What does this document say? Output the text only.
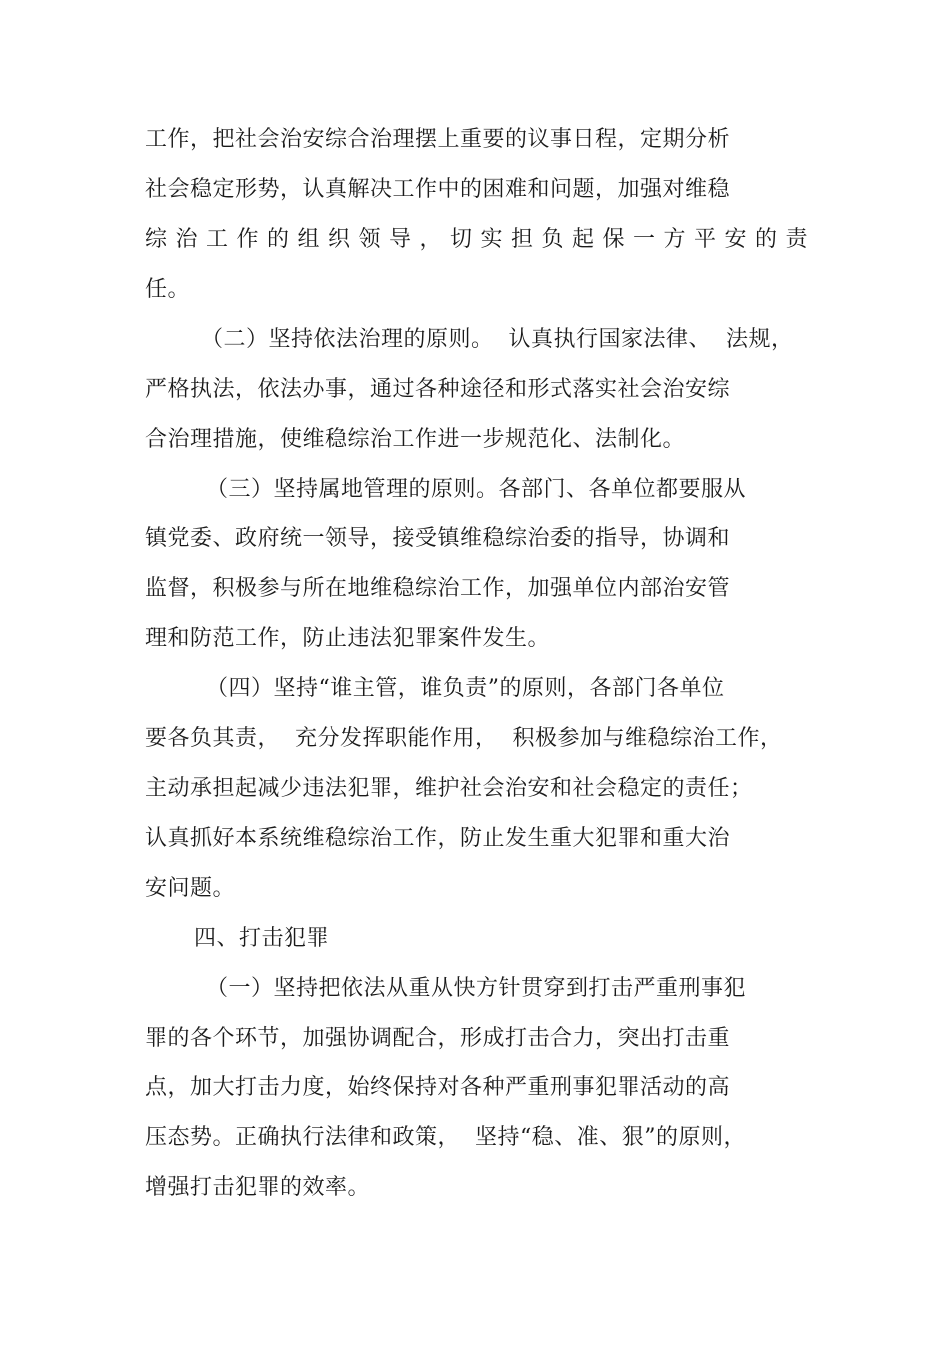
工作，把社会治安综合治理摆上重要的议事日程，定期分析
社会稳定形势，认真解决工作中的困难和问题，加强对维稳
综治工作的组织领导，切实担负起保一方平安的责
任。
（二）坚持依法治理的原则。  认真执行国家法律、  法规，
严格执法，依法办事，通过各种途径和形式落实社会治安综
合治理措施，使维稳综治工作进一步规范化、法制化。
（三）坚持属地管理的原则。各部门、各单位都要服从
镇党委、政府统一领导，接受镇维稳综治委的指导，协调和
监督，积极参与所在地维稳综治工作，加强单位内部治安管
理和防范工作，防止违法犯罪案件发生。
（四）坚持“谁主管，谁负责”的原则，各部门各单位
要各负其责，  充分发挥职能作用，  积极参加与维稳综治工作，
主动承担起减少违法犯罪，维护社会治安和社会稳定的责任；
认真抓好本系统维稳综治工作，防止发生重大犯罪和重大治
安问题。
四、打击犯罪
（一）坚持把依法从重从快方针贯穿到打击严重刑事犯
罪的各个环节，加强协调配合，形成打击合力，突出打击重
点，加大打击力度，始终保持对各种严重刑事犯罪活动的高
压态势。正确执行法律和政策，  坚持“稳、准、狠”的原则，
增强打击犯罪的效率。
